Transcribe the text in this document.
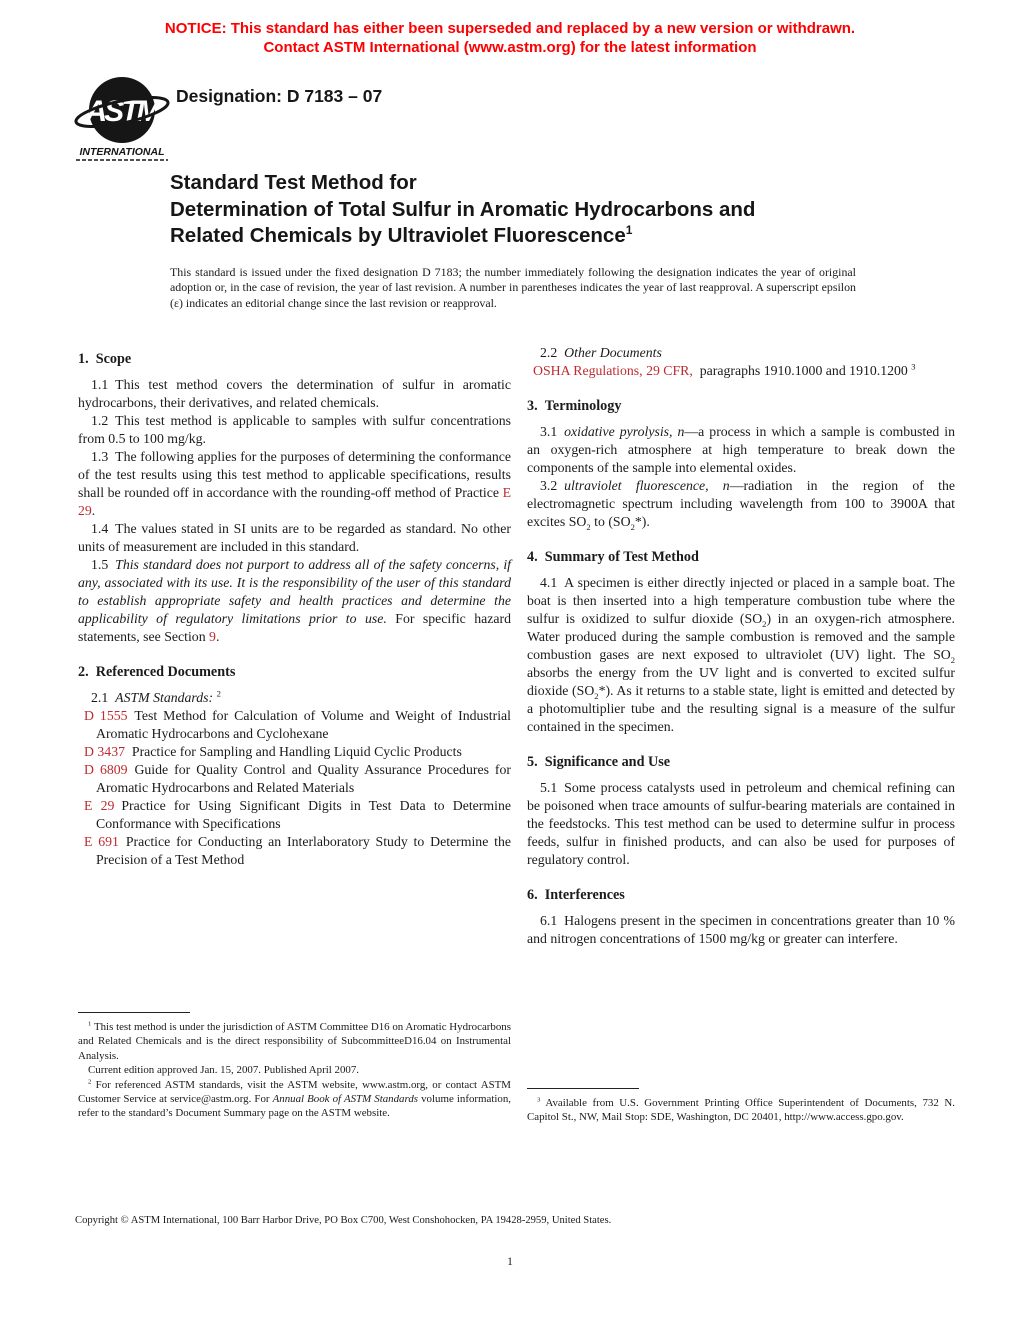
NOTICE: This standard has either been superseded and replaced by a new version or withdrawn.
Contact ASTM International (www.astm.org) for the latest information
ASTM
INTERNATIONAL
Designation: D 7183 – 07
Standard Test Method for
Determination of Total Sulfur in Aromatic Hydrocarbons and
Related Chemicals by Ultraviolet Fluorescence$^1$
This standard is issued under the fixed designation D 7183; the number immediately following the designation indicates the year of original adoption or, in the case of revision, the year of last revision. A number in parentheses indicates the year of last reapproval. A superscript epsilon (ε) indicates an editorial change since the last revision or reapproval.
1. Scope
1.1 This test method covers the determination of sulfur in aromatic hydrocarbons, their derivatives, and related chemicals.
1.2 This test method is applicable to samples with sulfur concentrations from 0.5 to 100 mg/kg.
1.3 The following applies for the purposes of determining the conformance of the test results using this test method to applicable specifications, results shall be rounded off in accordance with the rounding-off method of Practice E 29.
1.4 The values stated in SI units are to be regarded as standard. No other units of measurement are included in this standard.
1.5 This standard does not purport to address all of the safety concerns, if any, associated with its use. It is the responsibility of the user of this standard to establish appropriate safety and health practices and determine the applicability of regulatory limitations prior to use. For specific hazard statements, see Section 9.
2. Referenced Documents
2.1 ASTM Standards: $^2$
D 1555 Test Method for Calculation of Volume and Weight of Industrial Aromatic Hydrocarbons and Cyclohexane
D 3437 Practice for Sampling and Handling Liquid Cyclic Products
D 6809 Guide for Quality Control and Quality Assurance Procedures for Aromatic Hydrocarbons and Related Materials
E 29 Practice for Using Significant Digits in Test Data to Determine Conformance with Specifications
E 691 Practice for Conducting an Interlaboratory Study to Determine the Precision of a Test Method
2.2 Other Documents
OSHA Regulations, 29 CFR, paragraphs 1910.1000 and 1910.1200 $^3$
3. Terminology
3.1 oxidative pyrolysis, n—a process in which a sample is combusted in an oxygen-rich atmosphere at high temperature to break down the components of the sample into elemental oxides.
3.2 ultraviolet fluorescence, n—radiation in the region of the electromagnetic spectrum including wavelength from 100 to 3900A that excites $SO_2$ to $(SO_2*)$.
4. Summary of Test Method
4.1 A specimen is either directly injected or placed in a sample boat. The boat is then inserted into a high temperature combustion tube where the sulfur is oxidized to sulfur dioxide $(SO_2)$ in an oxygen-rich atmosphere. Water produced during the sample combustion is removed and the sample combustion gases are next exposed to ultraviolet (UV) light. The $SO_2$ absorbs the energy from the UV light and is converted to excited sulfur dioxide $(SO_2*)$. As it returns to a stable state, light is emitted and detected by a photomultiplier tube and the resulting signal is a measure of the sulfur contained in the specimen.
5. Significance and Use
5.1 Some process catalysts used in petroleum and chemical refining can be poisoned when trace amounts of sulfur-bearing materials are contained in the feedstocks. This test method can be used to determine sulfur in process feeds, sulfur in finished products, and can also be used for purposes of regulatory control.
6. Interferences
6.1 Halogens present in the specimen in concentrations greater than 10 % and nitrogen concentrations of 1500 mg/kg or greater can interfere.
$^1$ This test method is under the jurisdiction of ASTM Committee D16 on Aromatic Hydrocarbons and Related Chemicals and is the direct responsibility of SubcommitteeD16.04 on Instrumental Analysis.
Current edition approved Jan. 15, 2007. Published April 2007.
$^2$ For referenced ASTM standards, visit the ASTM website, www.astm.org, or contact ASTM Customer Service at service@astm.org. For Annual Book of ASTM Standards volume information, refer to the standard’s Document Summary page on the ASTM website.
$^3$ Available from U.S. Government Printing Office Superintendent of Documents, 732 N. Capitol St., NW, Mail Stop: SDE, Washington, DC 20401, http://www.access.gpo.gov.
Copyright © ASTM International, 100 Barr Harbor Drive, PO Box C700, West Conshohocken, PA 19428-2959, United States.
1
